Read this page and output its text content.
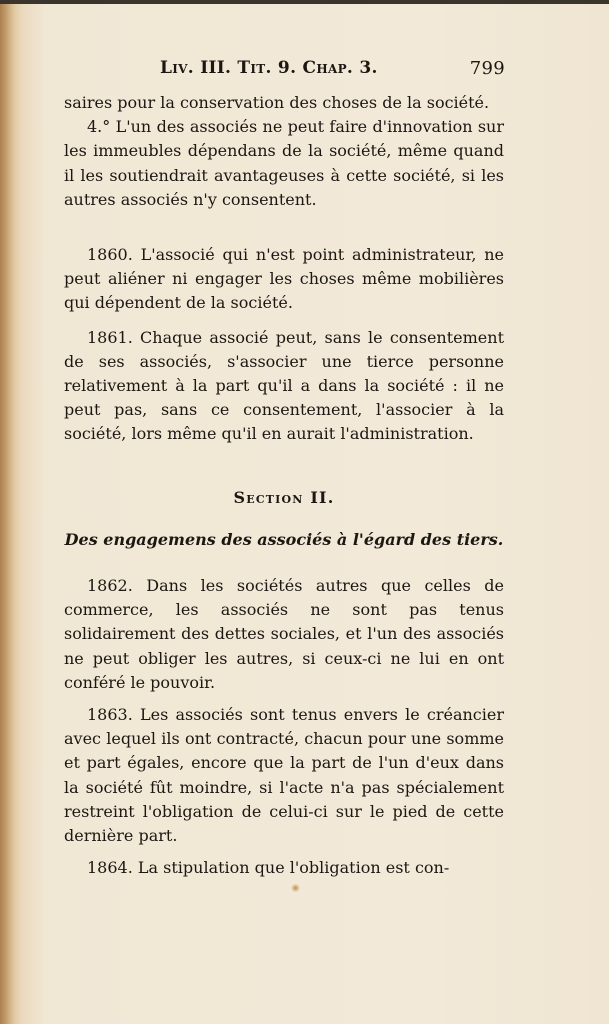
Liv. III. Tit. 9. Chap. 3.	799

saires pour la conservation des choses de la société.

4.° L'un des associés ne peut faire d'innovation sur les immeubles dépendans de la société, même quand il les soutiendrait avantageuses à cette société, si les autres associés n'y consentent.

1860. L'associé qui n'est point administrateur, ne peut aliéner ni engager les choses même mobilières qui dépendent de la société.

1861. Chaque associé peut, sans le consentement de ses associés, s'associer une tierce personne relativement à la part qu'il a dans la société : il ne peut pas, sans ce consentement, l'associer à la société, lors même qu'il en aurait l'administration.

Section II.
Des engagemens des associés à l'égard des tiers.

1862. Dans les sociétés autres que celles de commerce, les associés ne sont pas tenus solidairement des dettes sociales, et l'un des associés ne peut obliger les autres, si ceux-ci ne lui en ont conféré le pouvoir.

1863. Les associés sont tenus envers le créancier avec lequel ils ont contracté, chacun pour une somme et part égales, encore que la part de l'un d'eux dans la société fût moindre, si l'acte n'a pas spécialement restreint l'obligation de celui-ci sur le pied de cette dernière part.

1864. La stipulation que l'obligation est con-
